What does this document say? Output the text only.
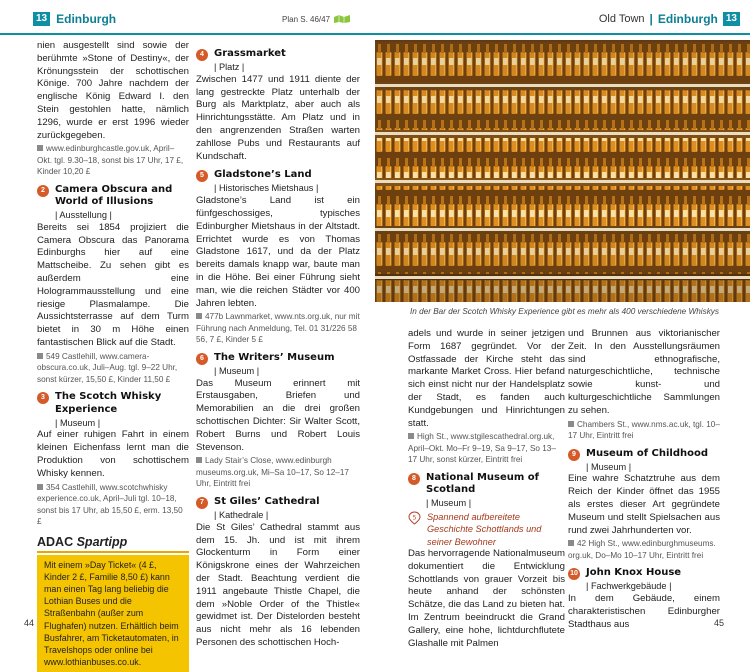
13 Edinburgh	Plan S. 46/47	Old Town | Edinburgh 13

nien ausgestellt sind sowie der berühmte »Stone of Destiny«, der Krönungsstein der schottischen Könige. 700 Jahre nachdem der englische König Edward I. den Stein gestohlen hatte, nämlich 1296, wurde er erst 1996 wieder zurückgegeben.

www.edinburghcastle.gov.uk, April–Okt. tgl. 9.30–18, sonst bis 17 Uhr, 17 £, Kinder 10,20 £
2	Camera Obscura and World of Illusions
| Ausstellung |

Bereits sei 1854 projiziert die Camera Obscura das Panorama Edinburghs hier auf eine Mattscheibe. Zu sehen gibt es außerdem eine Hologrammausstellung und eine riesige Plasmalampe. Die Aussichtsterrasse auf dem Turm bietet in 30 m Höhe einen fantastischen Blick auf die Stadt.

549 Castlehill, www.camera-obscura.co.uk, Juli–Aug. tgl. 9–22 Uhr, sonst kürzer, 15,50 £, Kinder 11,50 £
3	The Scotch Whisky Experience
| Museum |

Auf einer ruhigen Fahrt in einem kleinen Eichenfass lernt man die Produktion von schottischem Whisky kennen.

354 Castlehill, www.scotchwhisky experience.co.uk, April–Juli tgl. 10–18, sonst bis 17 Uhr, ab 15,50 £, erm. 13,50 £
ADAC Spartipp
Mit einem »Day Ticket« (4 £, Kinder 2 £, Familie 8,50 £) kann man einen Tag lang beliebig die Lothian Buses und die Straßenbahn (außer zum Flughafen) nutzen. Erhältlich beim Busfahrer, am Ticketautomaten, in Travelshops oder online bei www.lothianbuses.co.uk.
4	Grassmarket
| Platz |

Zwischen 1477 und 1911 diente der lang gestreckte Platz unterhalb der Burg als Marktplatz, aber auch als Hinrichtungsstätte. Am Platz und in den angrenzenden Straßen warten zahllose Pubs und Restaurants auf Kundschaft.

5	Gladstone’s Land
| Historisches Mietshaus |

Gladstone’s Land ist ein fünfgeschossiges, typisches Edinburgher Mietshaus in der Altstadt. Errichtet wurde es von Thomas Gladstone 1617, und da der Platz bereits damals knapp war, baute man in die Höhe. Bei einer Führung sieht man, wie die reichen Städter vor 400 Jahren lebten.

477b Lawnmarket, www.nts.org.uk, nur mit Führung nach Anmeldung, Tel. 01 31/226 58 56, 7 £, Kinder 5 £
6	The Writers’ Museum
| Museum |

Das Museum erinnert mit Erstausgaben, Briefen und Memorabilien an die drei großen schottischen Dichter: Sir Walter Scott, Robert Burns und Robert Louis Stevenson.

Lady Stair’s Close, www.edinburgh museums.org.uk, Mi–Sa 10–17, So 12–17 Uhr, Eintritt frei
7	St Giles’ Cathedral
| Kathedrale |

Die St Giles’ Cathedral stammt aus dem 15. Jh. und ist mit ihrem Glockenturm in Form einer Königskrone eines der Wahrzeichen der Stadt. Beachtung verdient die 1911 angebaute Thistle Chapel, die dem »Noble Order of the Thistle« gewidmet ist. Der Distelorden besteht aus nicht mehr als 16 lebenden Personen des schottischen Hoch-

In der Bar der Scotch Whisky Experience gibt es mehr als 400 verschiedene Whiskys

adels und wurde in seiner jetzigen Form 1687 gegründet. Vor der Ostfassade der Kirche steht das markante Market Cross. Hier befand sich einst nicht nur der Handelsplatz der Stadt, es fanden auch Kundgebungen und Hinrichtungen statt.

High St., www.stgilescathedral.org.uk, April–Okt. Mo–Fr 9–19, Sa 9–17, So 13–17 Uhr, sonst kürzer, Eintritt frei
8	National Museum of Scotland
| Museum |
5 Spannend aufbereitete Geschichte Schottlands und seiner Bewohner

Das hervorragende Nationalmuseum dokumentiert die Entwicklung Schottlands von grauer Vorzeit bis heute anhand der schönsten Schätze, die das Land zu bieten hat. Im Zentrum beeindruckt die Grand Gallery, eine hohe, lichtdurchflutete Glashalle mit Palmen

und Brunnen aus viktorianischer Zeit. In den Ausstellungsräumen sind ethnografische, naturgeschichtliche, technische sowie kunst- und kulturgeschichtliche Sammlungen zu sehen.

Chambers St., www.nms.ac.uk, tgl. 10–17 Uhr, Eintritt frei
9	Museum of Childhood
| Museum |

Eine wahre Schatztruhe aus dem Reich der Kinder öffnet das 1955 als erstes dieser Art gegründete Museum und stellt Spielsachen aus rund zwei Jahrhunderten vor.

42 High St., www.edinburghmuseums. org.uk, Do–Mo 10–17 Uhr, Eintritt frei
10 John Knox House
| Fachwerkgebäude |

In dem Gebäude, einem charakteristischen Edinburgher Stadthaus aus

44	45
